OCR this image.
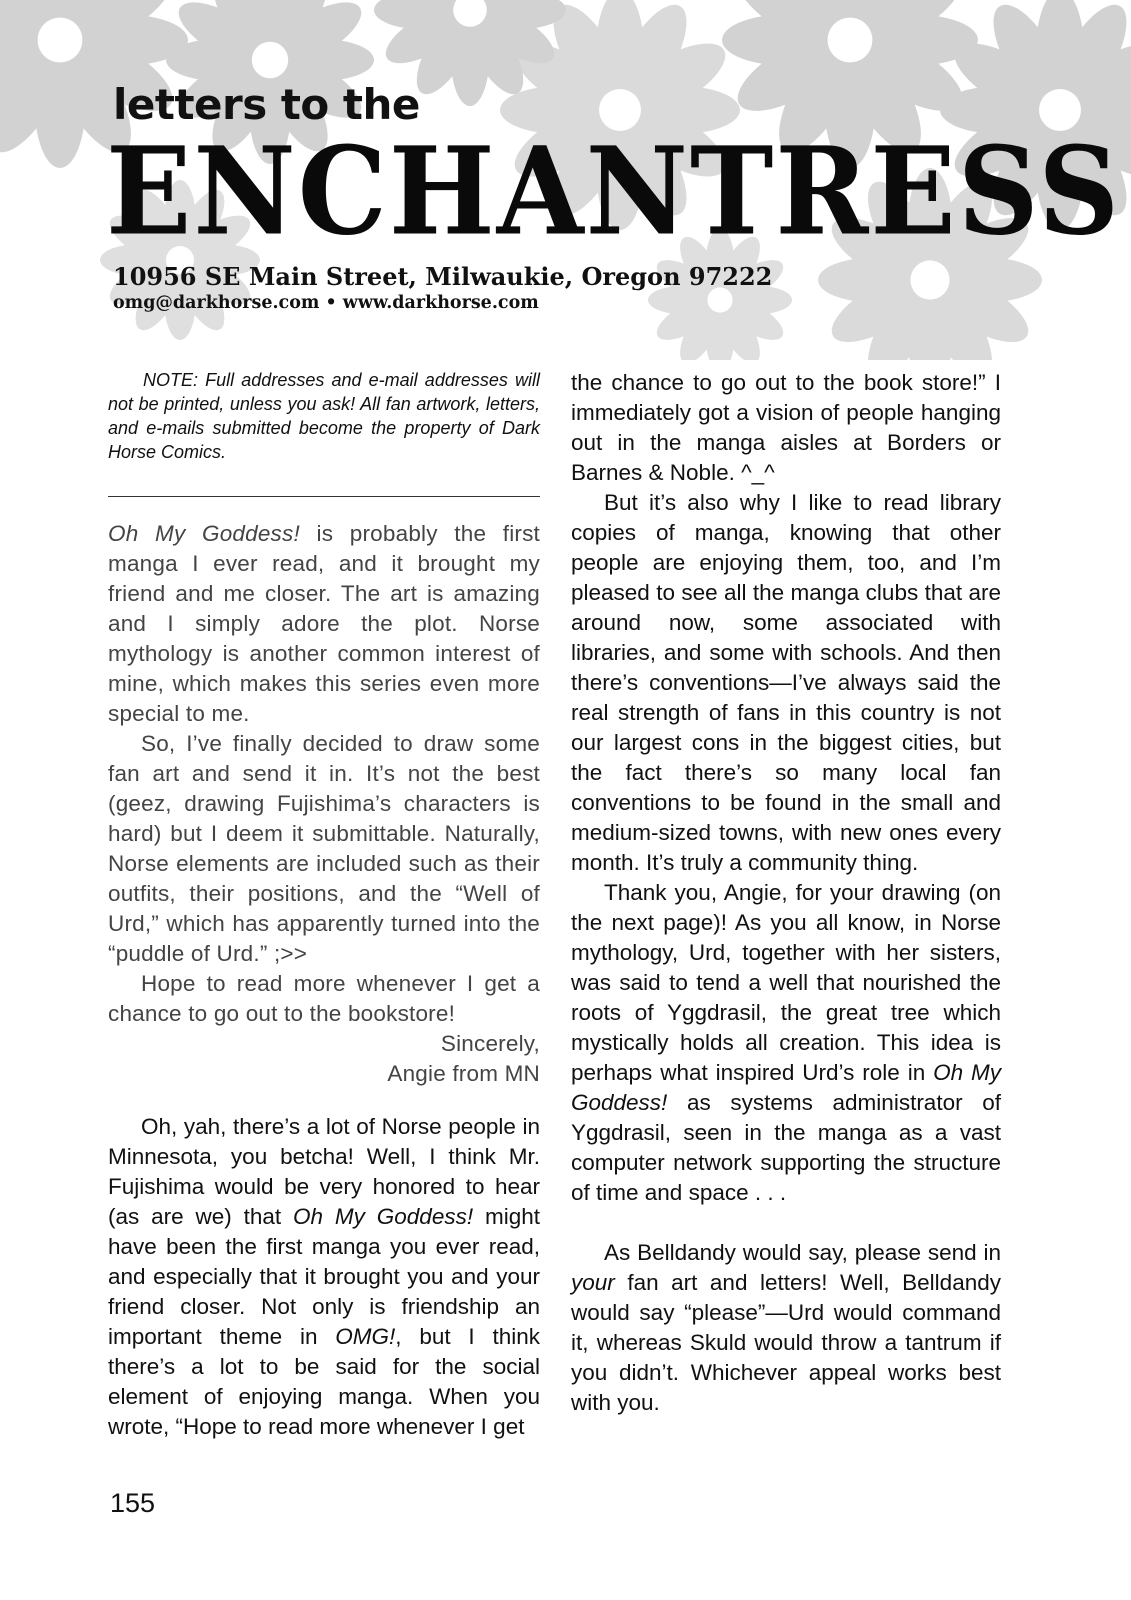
letters to the

ENCHANTRESS

10956 SE Main Street, Milwaukie, Oregon 97222

omg@darkhorse.com • www.darkhorse.com

NOTE: Full addresses and e-mail addresses will not be printed, unless you ask! All fan artwork, letters, and e-mails submitted become the property of Dark Horse Comics.

Oh My Goddess! is probably the first manga I ever read, and it brought my friend and me closer. The art is amazing and I simply adore the plot. Norse mythology is another common interest of mine, which makes this series even more special to me.

So, I’ve finally decided to draw some fan art and send it in. It’s not the best (geez, drawing Fujishima’s characters is hard) but I deem it submittable. Naturally, Norse elements are included such as their outfits, their positions, and the “Well of Urd,” which has apparently turned into the “puddle of Urd.” ;>>

Hope to read more whenever I get a chance to go out to the bookstore!

Sincerely,

Angie from MN

Oh, yah, there’s a lot of Norse people in Minnesota, you betcha! Well, I think Mr. Fujishima would be very honored to hear (as are we) that Oh My Goddess! might have been the first manga you ever read, and especially that it brought you and your friend closer. Not only is friendship an important theme in OMG!, but I think there’s a lot to be said for the social element of enjoying manga. When you wrote, “Hope to read more whenever I get

the chance to go out to the book store!” I immediately got a vision of people hanging out in the manga aisles at Borders or Barnes & Noble. ^_^

But it’s also why I like to read library copies of manga, knowing that other people are enjoying them, too, and I’m pleased to see all the manga clubs that are around now, some associated with libraries, and some with schools. And then there’s conventions—I’ve always said the real strength of fans in this country is not our largest cons in the biggest cities, but the fact there’s so many local fan conventions to be found in the small and medium-sized towns, with new ones every month. It’s truly a community thing.

Thank you, Angie, for your drawing (on the next page)! As you all know, in Norse mythology, Urd, together with her sisters, was said to tend a well that nourished the roots of Yggdrasil, the great tree which mystically holds all creation. This idea is perhaps what inspired Urd’s role in Oh My Goddess! as systems administrator of Yggdrasil, seen in the manga as a vast computer network supporting the structure of time and space . . .

As Belldandy would say, please send in your fan art and letters! Well, Belldandy would say “please”—Urd would command it, whereas Skuld would throw a tantrum if you didn’t. Whichever appeal works best with you.

155
